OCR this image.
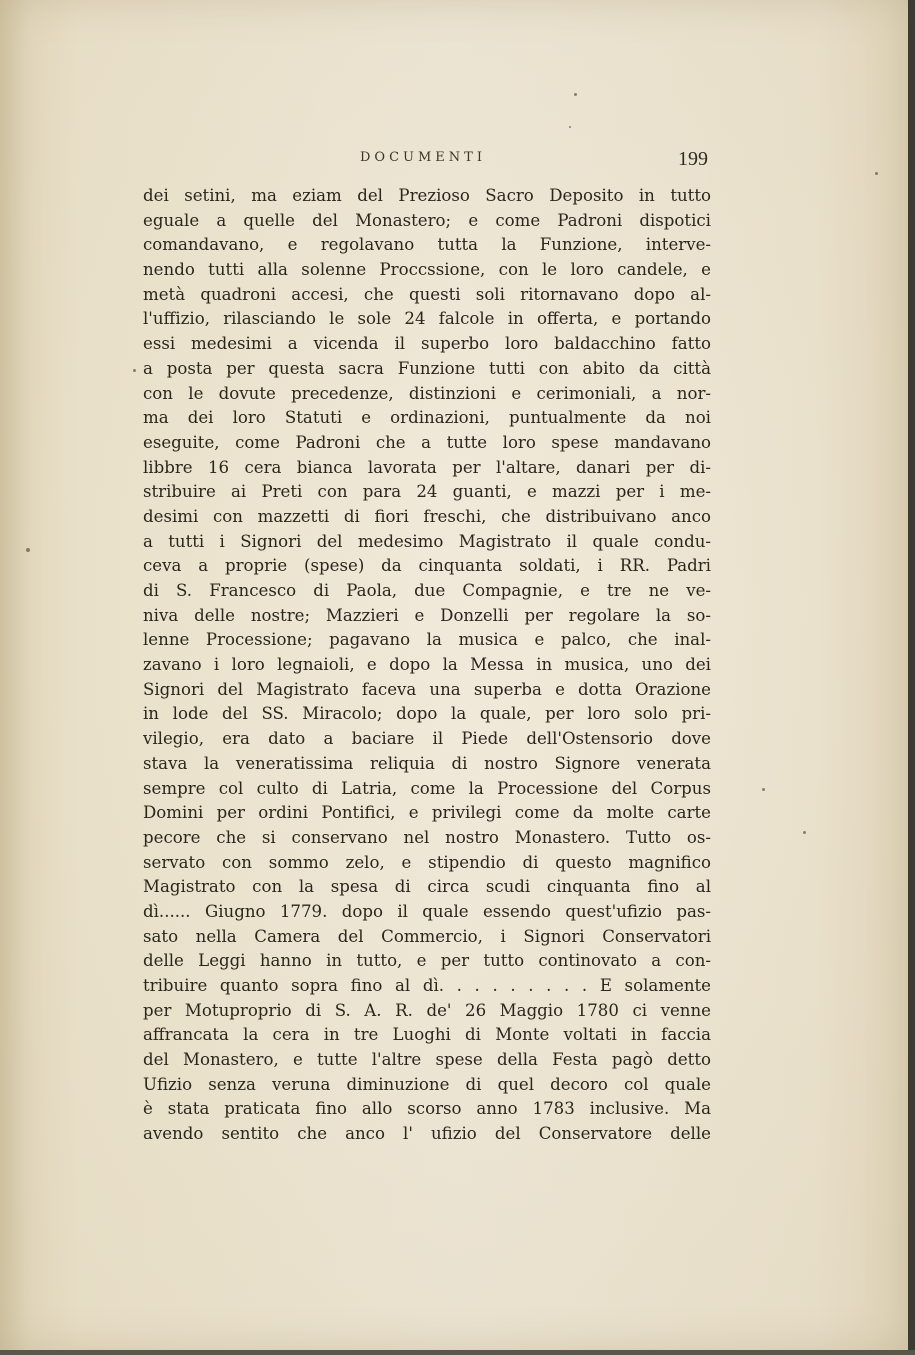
DOCUMENTI	199
dei setini, ma eziam del Prezioso Sacro Deposito in tutto
eguale a quelle del Monastero; e come Padroni dispotici
comandavano, e regolavano tutta la Funzione, interve-
nendo tutti alla solenne Proccssione, con le loro candele, e
metà quadroni accesi, che questi soli ritornavano dopo al-
l'uffizio, rilasciando le sole 24 falcole in offerta, e portando
essi medesimi a vicenda il superbo loro baldacchino fatto
a posta per questa sacra Funzione tutti con abito da città
con le dovute precedenze, distinzioni e cerimoniali, a nor-
ma dei loro Statuti e ordinazioni, puntualmente da noi
eseguite, come Padroni che a tutte loro spese mandavano
libbre 16 cera bianca lavorata per l'altare, danari per di-
stribuire ai Preti con para 24 guanti, e mazzi per i me-
desimi con mazzetti di fiori freschi, che distribuivano anco
a tutti i Signori del medesimo Magistrato il quale condu-
ceva a proprie (spese) da cinquanta soldati, i RR. Padri
di S. Francesco di Paola, due Compagnie, e tre ne ve-
niva delle nostre; Mazzieri e Donzelli per regolare la so-
lenne Processione; pagavano la musica e palco, che inal-
zavano i loro legnaioli, e dopo la Messa in musica, uno dei
Signori del Magistrato faceva una superba e dotta Orazione
in lode del SS. Miracolo; dopo la quale, per loro solo pri-
vilegio, era dato a baciare il Piede dell'Ostensorio dove
stava la veneratissima reliquia di nostro Signore venerata
sempre col culto di Latria, come la Processione del Corpus
Domini per ordini Pontifici, e privilegi come da molte carte
pecore che si conservano nel nostro Monastero. Tutto os-
servato con sommo zelo, e stipendio di questo magnifico
Magistrato con la spesa di circa scudi cinquanta fino al
dì...... Giugno 1779. dopo il quale essendo quest'ufizio pas-
sato nella Camera del Commercio, i Signori Conservatori
delle Leggi hanno in tutto, e per tutto continovato a con-
tribuire quanto sopra fino al dì. . . . . . . . . E solamente
per Motuproprio di S. A. R. de' 26 Maggio 1780 ci venne
affrancata la cera in tre Luoghi di Monte voltati in faccia
del Monastero, e tutte l'altre spese della Festa pagò detto
Ufizio senza veruna diminuzione di quel decoro col quale
è stata praticata fino allo scorso anno 1783 inclusive. Ma
avendo sentito che anco l' ufizio del Conservatore delle
